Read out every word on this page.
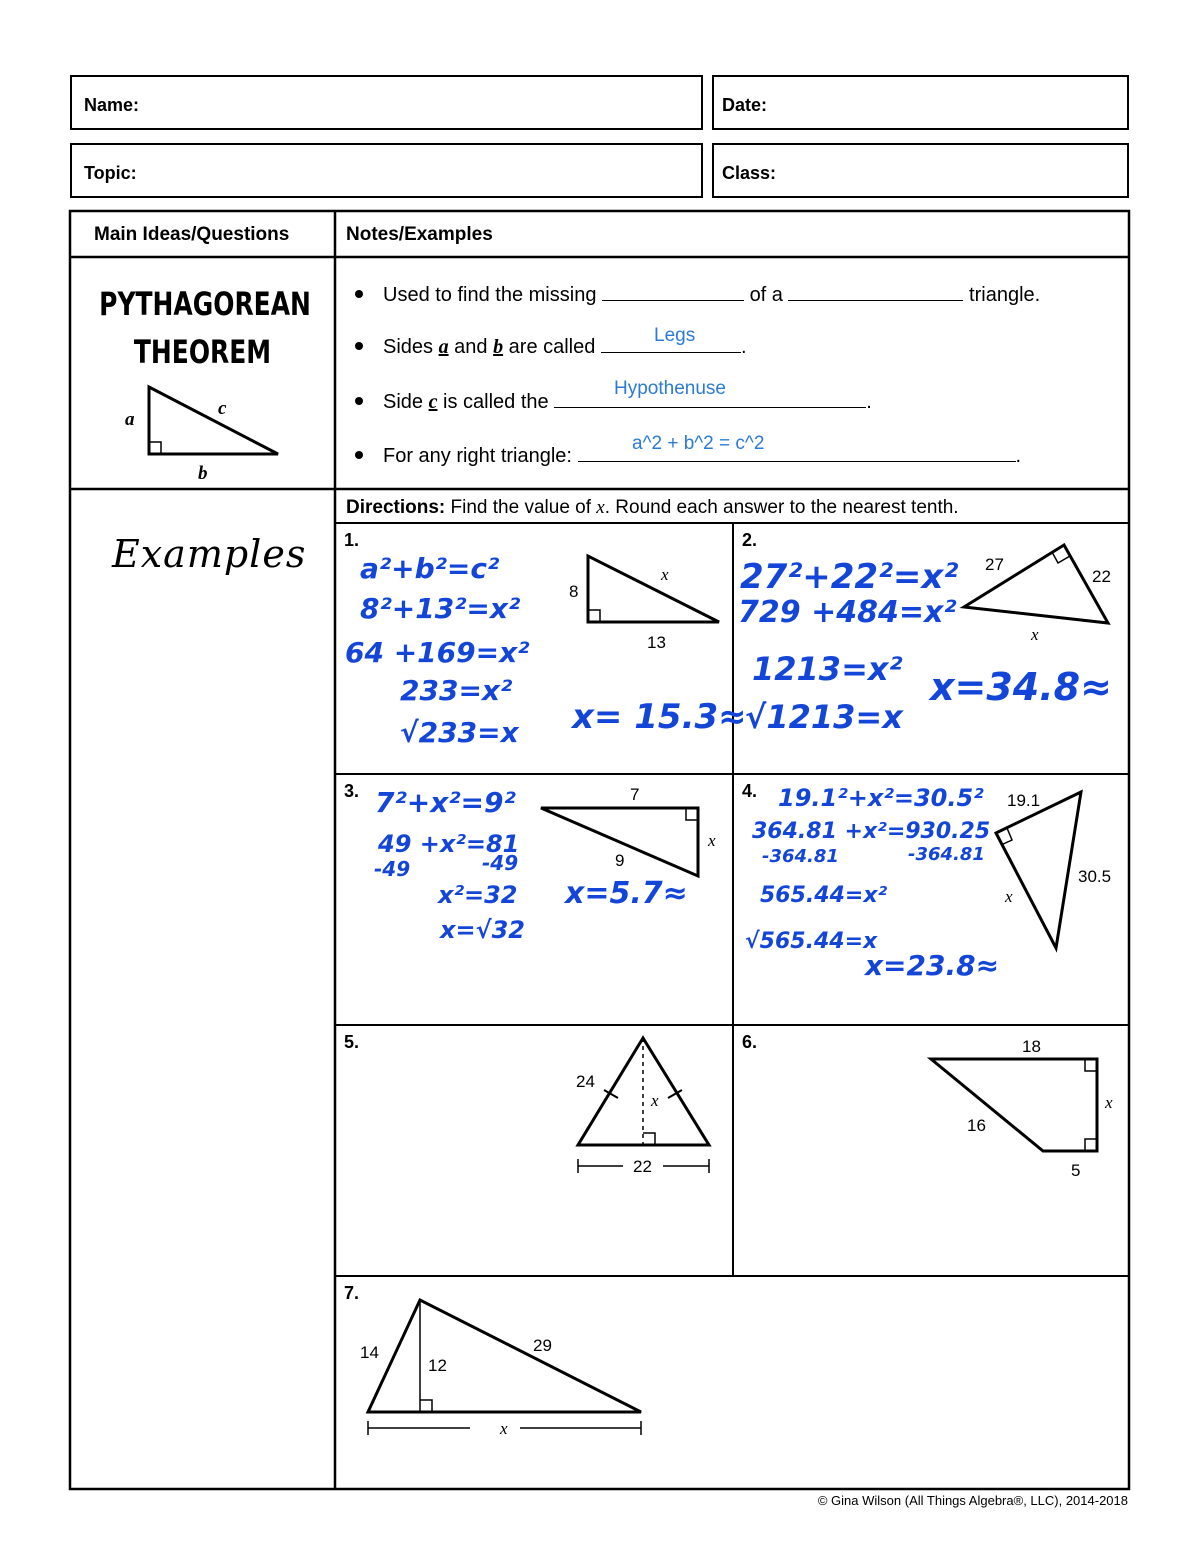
Name:	Date:
Topic:	Class:
Main Ideas/Questions	Notes/Examples
PYTHAGOREAN
THEOREM
a
c
b
Used to find the missing	of a	triangle.
Sides a and b are called	.
Legs
Side c is called the	.
Hypothenuse
For any right triangle:	.
a^2 + b^2 = c^2
Examples
Directions: Find the value of x. Round each answer to the nearest tenth.
1.	2.
3.	4.
5.	6.
7.
8
13
x
a²+b²=c²
8²+13²=x²
64 +169=x²
233=x²
√233=x x= 15.3≈
27
22
x
27²+22²=x²
729 +484=x²
1213=x²
√1213=x
x=34.8≈
7
x
9
7²+x²=9²
49 +x²=81
-49	-49
x²=32
x=√32
x=5.7≈
19.1
30.5
x
19.1²+x²=30.5²
364.81 +x²=930.25
-364.81	-364.81
565.44=x²
√565.44=x
x=23.8≈
24
x
22
18
x
16
5
14
12
29
x
© Gina Wilson (All Things Algebra®, LLC), 2014-2018
